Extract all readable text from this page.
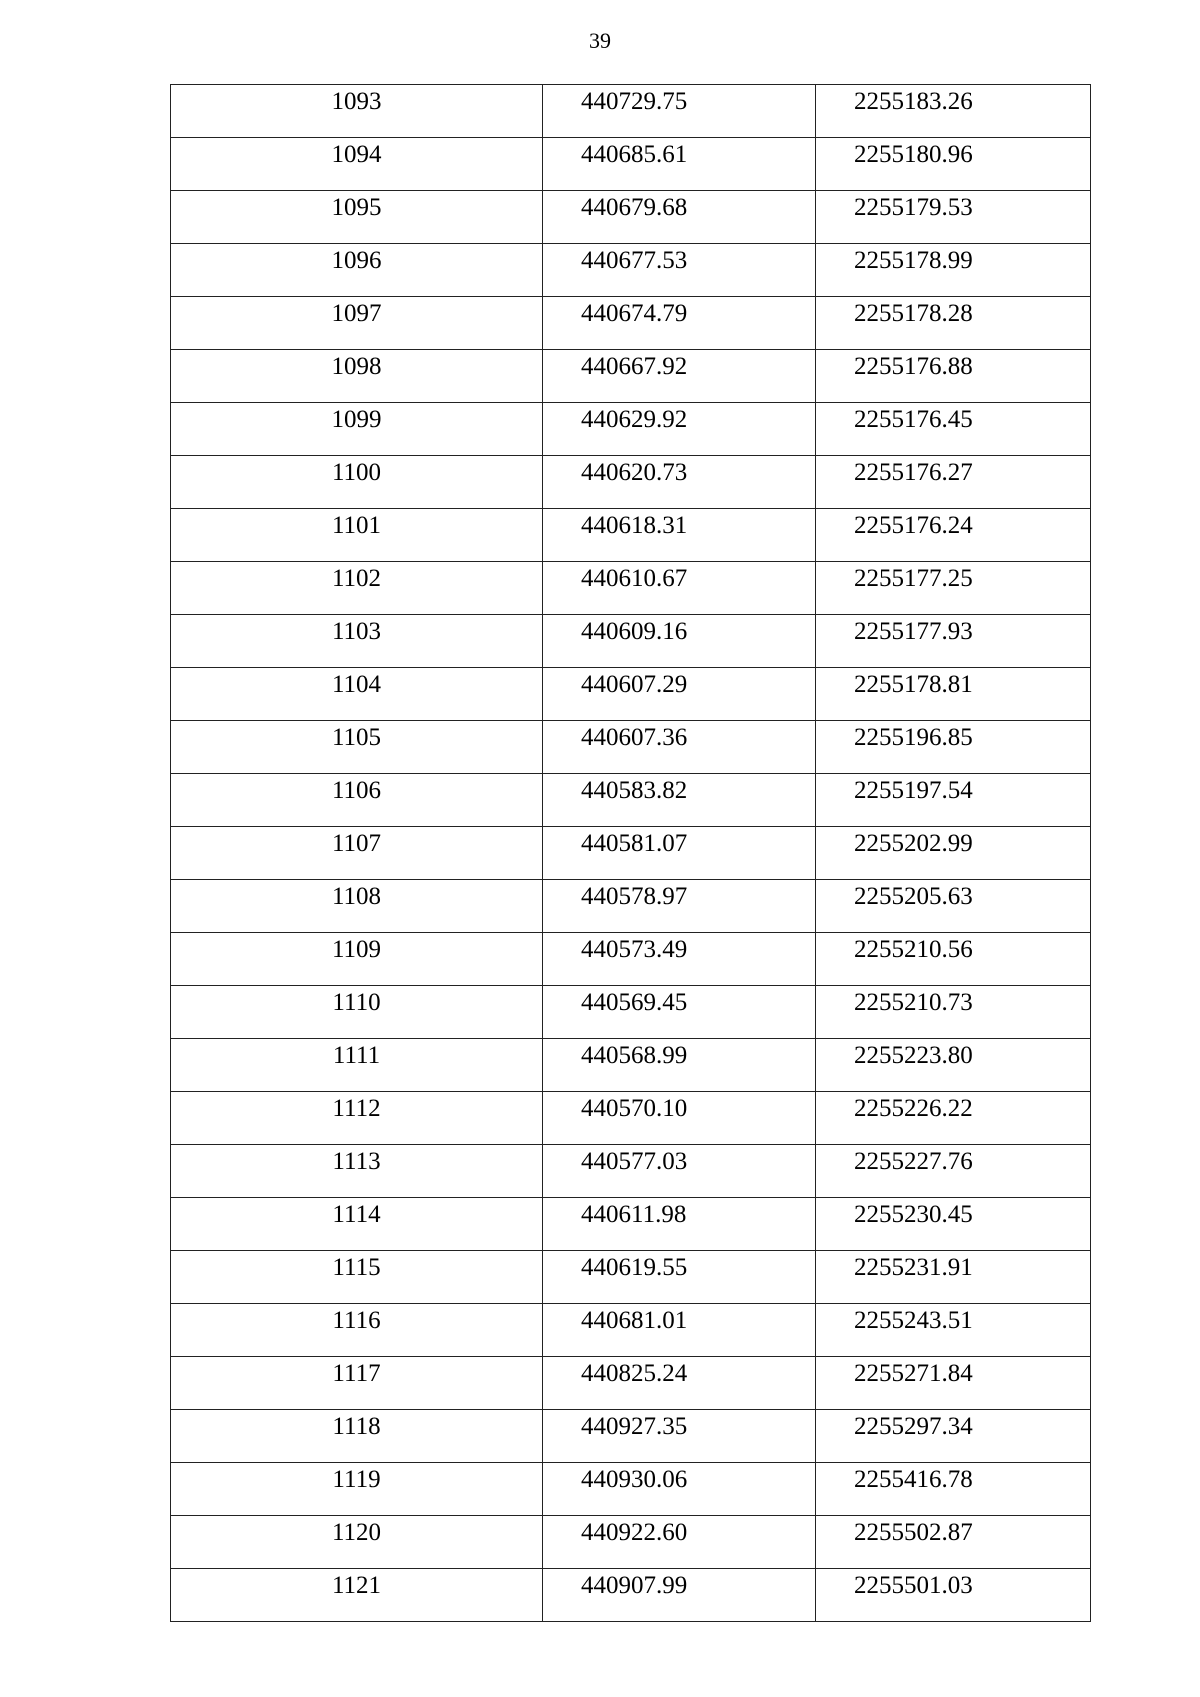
39
1093	440729.75	2255183.26
1094	440685.61	2255180.96
1095	440679.68	2255179.53
1096	440677.53	2255178.99
1097	440674.79	2255178.28
1098	440667.92	2255176.88
1099	440629.92	2255176.45
1100	440620.73	2255176.27
1101	440618.31	2255176.24
1102	440610.67	2255177.25
1103	440609.16	2255177.93
1104	440607.29	2255178.81
1105	440607.36	2255196.85
1106	440583.82	2255197.54
1107	440581.07	2255202.99
1108	440578.97	2255205.63
1109	440573.49	2255210.56
1110	440569.45	2255210.73
1111	440568.99	2255223.80
1112	440570.10	2255226.22
1113	440577.03	2255227.76
1114	440611.98	2255230.45
1115	440619.55	2255231.91
1116	440681.01	2255243.51
1117	440825.24	2255271.84
1118	440927.35	2255297.34
1119	440930.06	2255416.78
1120	440922.60	2255502.87
1121	440907.99	2255501.03
